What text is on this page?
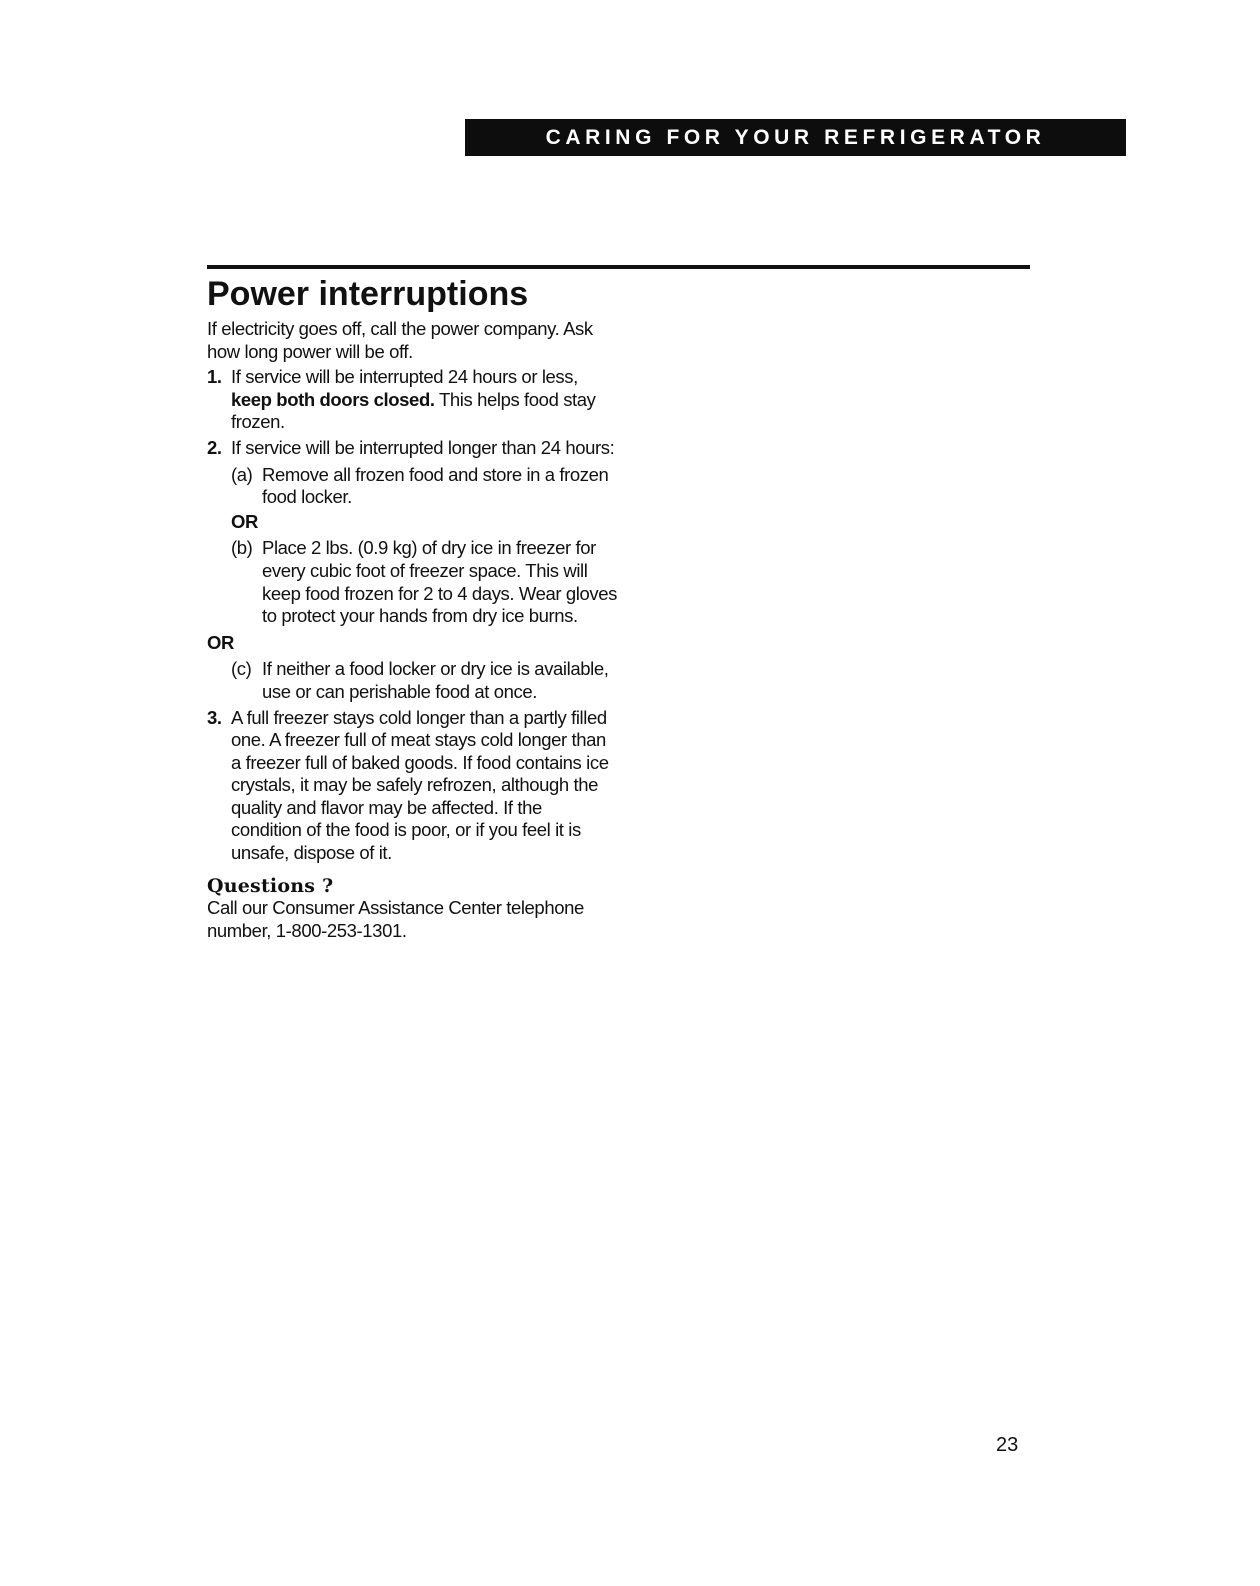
CARING FOR YOUR REFRIGERATOR
Power interruptions

If electricity goes off, call the power company. Ask how long power will be off.

1. If service will be interrupted 24 hours or less, keep both doors closed. This helps food stay frozen.
2. If service will be interrupted longer than 24 hours:
(a) Remove all frozen food and store in a frozen food locker.
OR
(b) Place 2 lbs. (0.9 kg) of dry ice in freezer for every cubic foot of freezer space. This will keep food frozen for 2 to 4 days. Wear gloves to protect your hands from dry ice burns.
OR
(c) If neither a food locker or dry ice is available, use or can perishable food at once.
3. A full freezer stays cold longer than a partly filled one. A freezer full of meat stays cold longer than a freezer full of baked goods. If food contains ice crystals, it may be safely refrozen, although the quality and flavor may be affected. If the condition of the food is poor, or if you feel it is unsafe, dispose of it.
Questions ?

Call our Consumer Assistance Center telephone number, 1-800-253-1301.

23
